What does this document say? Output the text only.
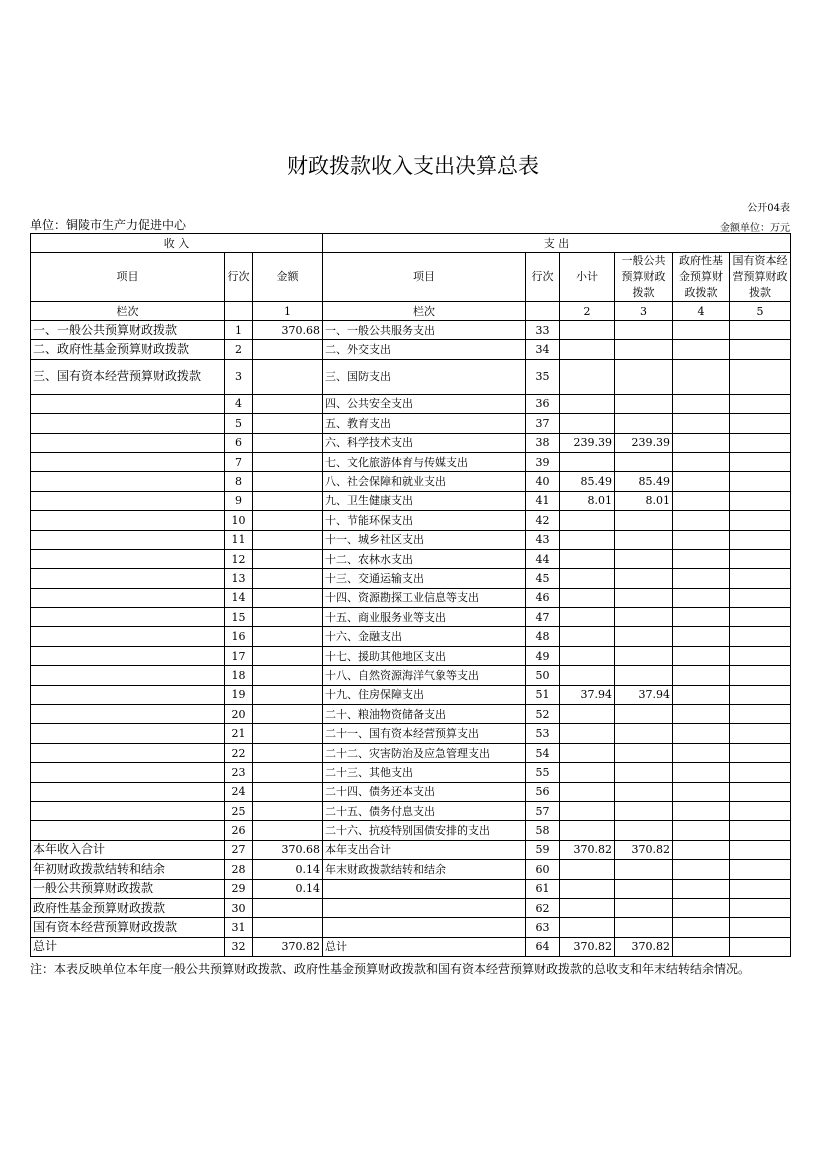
财政拨款收入支出决算总表
公开04表
单位：铜陵市生产力促进中心	金额单位：万元
收 入			支 出					
项目	行次	金额	项目	行次	小计	一般公共预算财政拨款	政府性基金预算财政拨款	国有资本经营预算财政拨款
栏次		1	栏次		2	3	4	5
一、一般公共预算财政拨款	1	370.68	一、一般公共服务支出	33				
二、政府性基金预算财政拨款	2		二、外交支出	34				
三、国有资本经营预算财政拨款	3		三、国防支出	35				
	4		四、公共安全支出	36				
	5		五、教育支出	37				
	6		六、科学技术支出	38	239.39	239.39		
	7		七、文化旅游体育与传媒支出	39				
	8		八、社会保障和就业支出	40	85.49	85.49		
	9		九、卫生健康支出	41	8.01	8.01		
	10		十、节能环保支出	42				
	11		十一、城乡社区支出	43				
	12		十二、农林水支出	44				
	13		十三、交通运输支出	45				
	14		十四、资源勘探工业信息等支出	46				
	15		十五、商业服务业等支出	47				
	16		十六、金融支出	48				
	17		十七、援助其他地区支出	49				
	18		十八、自然资源海洋气象等支出	50				
	19		十九、住房保障支出	51	37.94	37.94		
	20		二十、粮油物资储备支出	52				
	21		二十一、国有资本经营预算支出	53				
	22		二十二、灾害防治及应急管理支出	54				
	23		二十三、其他支出	55				
	24		二十四、债务还本支出	56				
	25		二十五、债务付息支出	57				
	26		二十六、抗疫特别国债安排的支出	58				
本年收入合计	27	370.68	本年支出合计	59	370.82	370.82		
年初财政拨款结转和结余	28	0.14	年末财政拨款结转和结余	60				
一般公共预算财政拨款	29	0.14		61				
政府性基金预算财政拨款	30			62				
国有资本经营预算财政拨款	31			63				
总计	32	370.82	总计	64	370.82	370.82		
注：本表反映单位本年度一般公共预算财政拨款、政府性基金预算财政拨款和国有资本经营预算财政拨款的总收支和年末结转结余情况。
